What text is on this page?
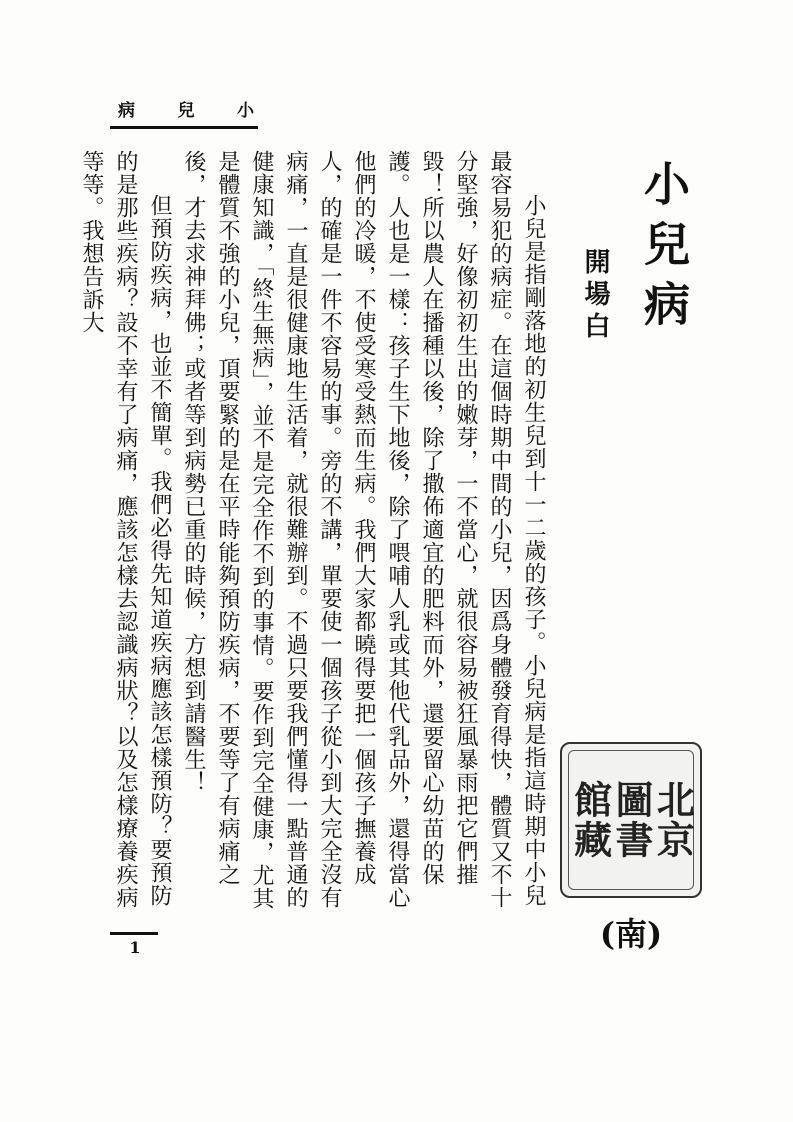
病 兒 小
小兒病
開場白

小兒是指剛落地的初生兒到十一二歲的孩子。小兒病是指這時期中小兒最容易犯的病症。在這個時期中間的小兒，因爲身體發育得快，體質又不十分堅強，好像初初生出的嫩芽，一不當心，就很容易被狂風暴雨把它們摧毀！所以農人在播種以後，除了撒佈適宜的肥料而外，還要留心幼苗的保護。人也是一樣：孩子生下地後，除了喂哺人乳或其他代乳品外，還得當心他們的冷暖，不使受寒受熱而生病。我們大家都曉得要把一個孩子撫養成人，的確是一件不容易的事。旁的不講，單要使一個孩子從小到大完全沒有病痛，一直是很健康地生活着，就很難辦到。不過只要我們懂得一點普通的健康知識，「終生無病」，並不是完全作不到的事情。要作到完全健康，尤其是體質不強的小兒，頂要緊的是在平時能夠預防疾病，不要等了有病痛之後，才去求神拜佛；或者等到病勢已重的時候，方想到請醫生！

但預防疾病，也並不簡單。我們必得先知道疾病應該怎樣預防？要預防的是那些疾病？設不幸有了病痛，應該怎樣去認識病狀？以及怎樣療養疾病等等。我想告訴大

1
北京
圖書
館藏
(南)
